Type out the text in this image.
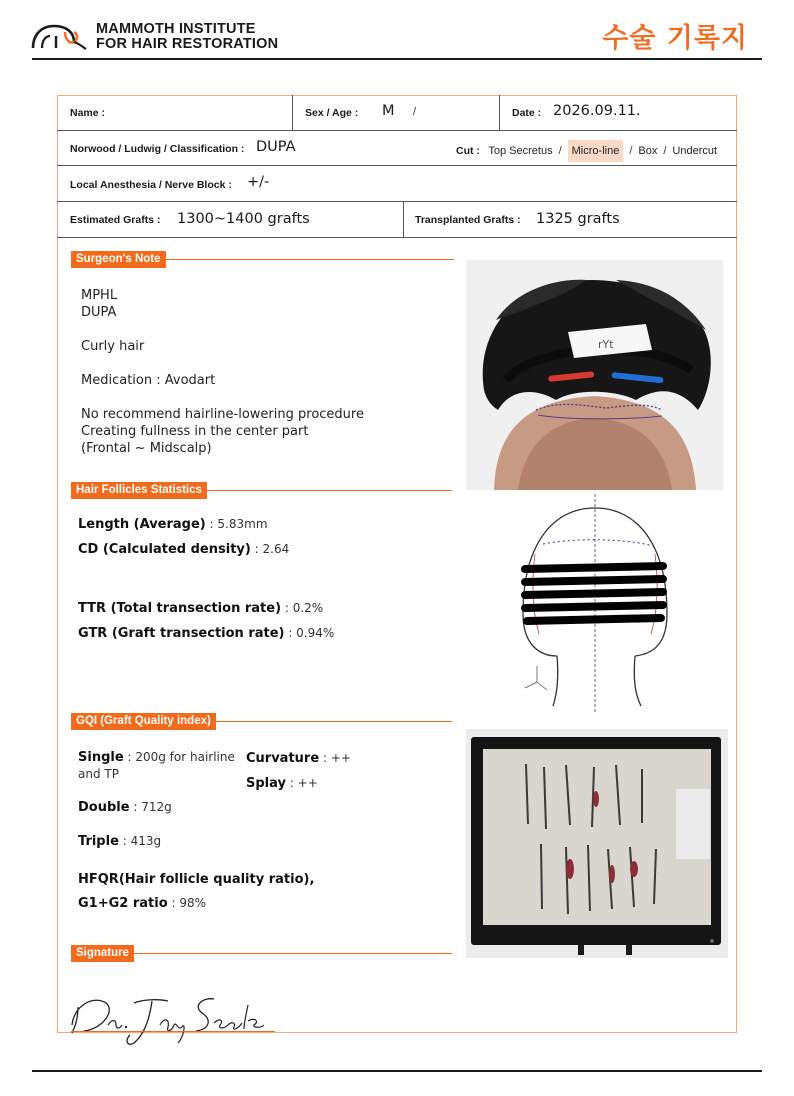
MAMMOTH INSTITUTE
FOR HAIR RESTORATION	수술 기록지
Name :	Sex / Age : M /	Date : 2026.09.11.
Norwood / Ludwig / Classification : DUPA	Cut : Top Secretus / Micro-line / Box / Undercut
Local Anesthesia / Nerve Block : +/-
Estimated Grafts : 1300~1400 grafts	Transplanted Grafts : 1325 grafts
Surgeon's Note
MPHL
DUPA
Curly hair
Medication : Avodart
No recommend hairline-lowering procedure
Creating fullness in the center part
(Frontal ~ Midscalp)
rYt
Hair Follicles Statistics
Length (Average) : 5.83mm
CD (Calculated density) : 2.64
TTR (Total transection rate) : 0.2%
GTR (Graft transection rate) : 0.94%
GQI (Graft Quality index)
Single : 200g for hairline
and TP
Double : 712g
Triple : 413g
Curvature : ++
Splay : ++
HFQR(Hair follicle quality ratio),
G1+G2 ratio : 98%
Signature
